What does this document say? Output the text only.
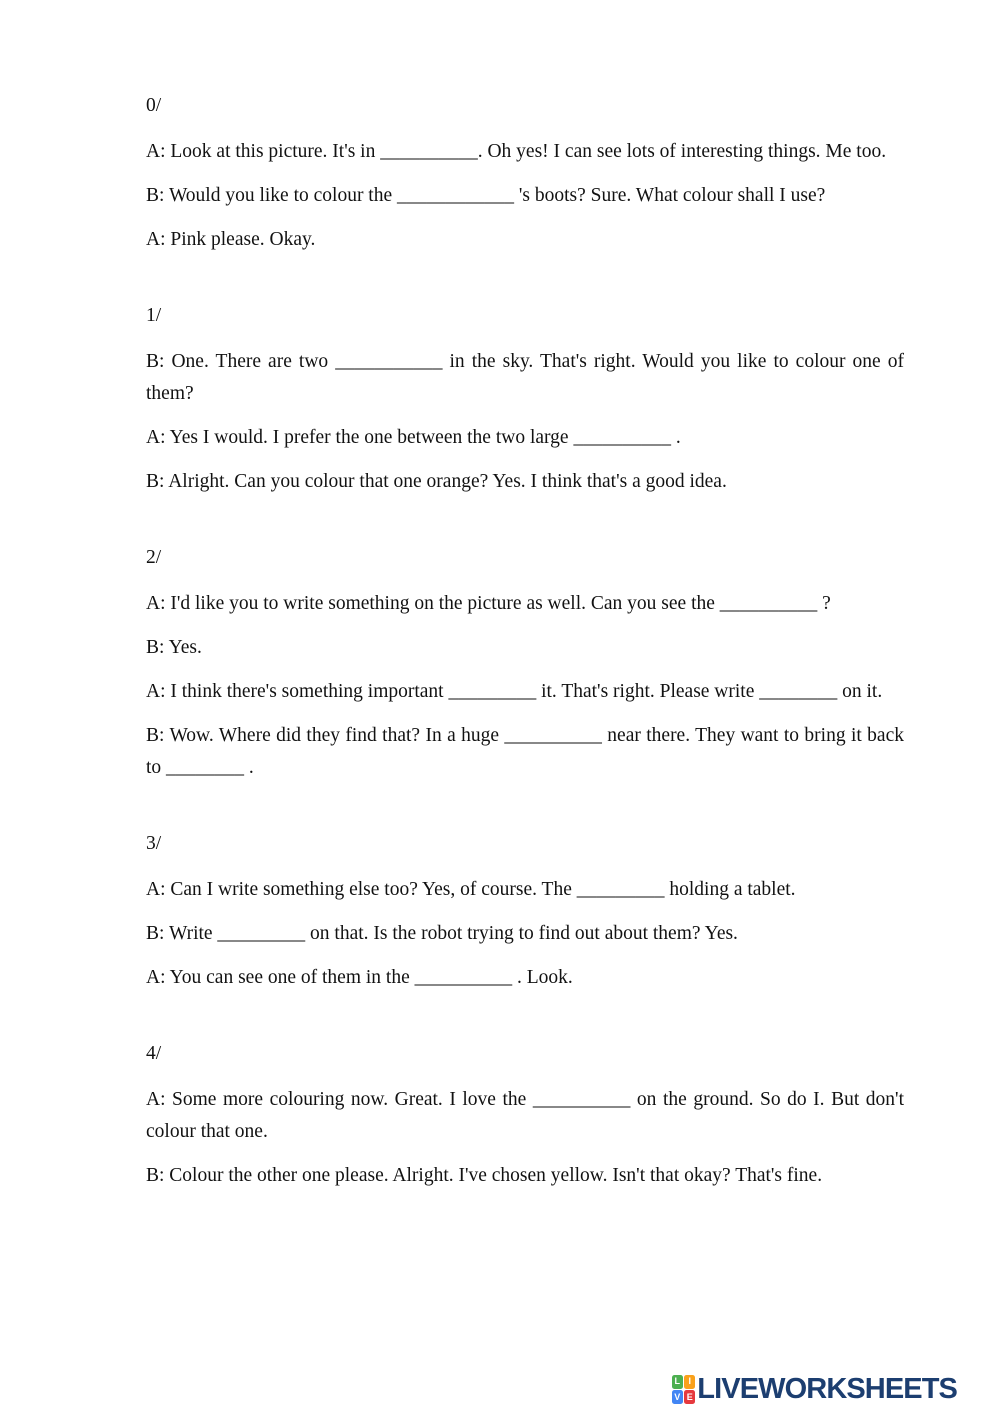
0/

A: Look at this picture. It's in __________. Oh yes! I can see lots of interesting things. Me too.

B: Would you like to colour the ____________ 's boots? Sure. What colour shall I use?

A: Pink please. Okay.

1/

B: One. There are two ___________ in the sky. That's right. Would you like to colour one of them?

A: Yes I would. I prefer the one between the two large __________ .

B: Alright. Can you colour that one orange? Yes. I think that's a good idea.

2/

A: I'd like you to write something on the picture as well. Can you see the __________ ?

B: Yes.

A: I think there's something important _________ it. That's right. Please write ________ on it.

B: Wow. Where did they find that? In a huge __________ near there. They want to bring it back to ________ .

3/

A: Can I write something else too? Yes, of course. The _________ holding a tablet.

B: Write _________ on that. Is the robot trying to find out about them? Yes.

A: You can see one of them in the __________ . Look.

4/

A: Some more colouring now. Great. I love the __________ on the ground. So do I. But don't colour that one.

B: Colour the other one please. Alright. I've chosen yellow. Isn't that okay? That's fine.

L I
V E LIVEWORKSHEETS
